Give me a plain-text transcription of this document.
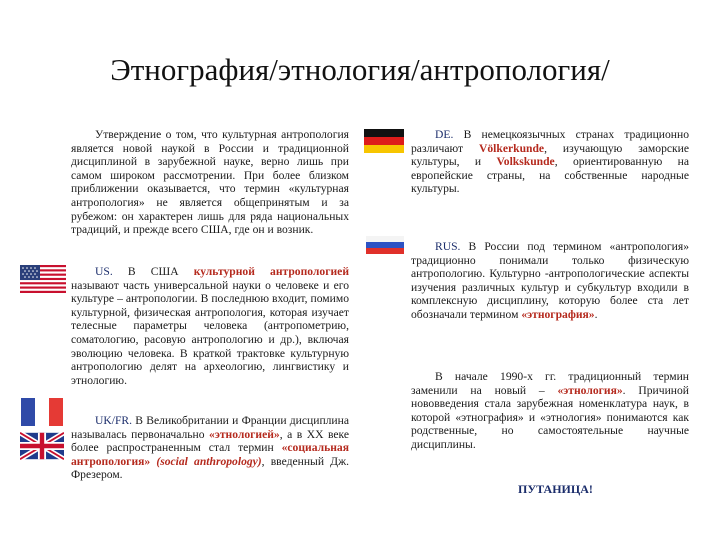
Этнография/этнология/антропология/

Утверждение о том, что культурная антропология является новой наукой в России и традиционной дисциплиной в зарубежной науке, верно лишь при самом широком рассмотрении. При более близком приближении оказывается, что термин «культурная антропология» не является общепринятым и за рубежом: он характерен лишь для ряда национальных традиций, и прежде всего США, где он и возник.

US. В США культурной антропологией называют часть универсальной науки о человеке и его культуре – антропологии. В последнюю входит, помимо культурной, физическая антропология, которая изучает телесные параметры человека (антропометрию, соматологию, расовую антропологию и др.), включая эволюцию человека. В краткой трактовке культурную антропологию делят на археологию, лингвистику и этнологию.

UK/FR. В Великобритании и Франции дисциплина называлась первоначально «этнологией», а в XX веке более распространенным стал термин «социальная антропология» (social anthropology), введенный Дж. Фрезером.

DE. В немецкоязычных странах традиционно различают Völkerkunde, изучающую заморские культуры, и Volkskunde, ориентированную на европейские страны, на собственные народные культуры.

RUS. В России под термином «антропология» традиционно понимали только физическую антропологию. Культурно -антропологические аспекты изучения различных культур и субкультур входили в комплексную дисциплину, которую более ста лет обозначали термином «этнография».

В начале 1990-х гг. традиционный термин заменили на новый – «этнология». Причиной нововведения стала зарубежная номенклатура наук, в которой «этнография» и «этнология» понимаются как родственные, но самостоятельные научные дисциплины.

ПУТАНИЦА!
